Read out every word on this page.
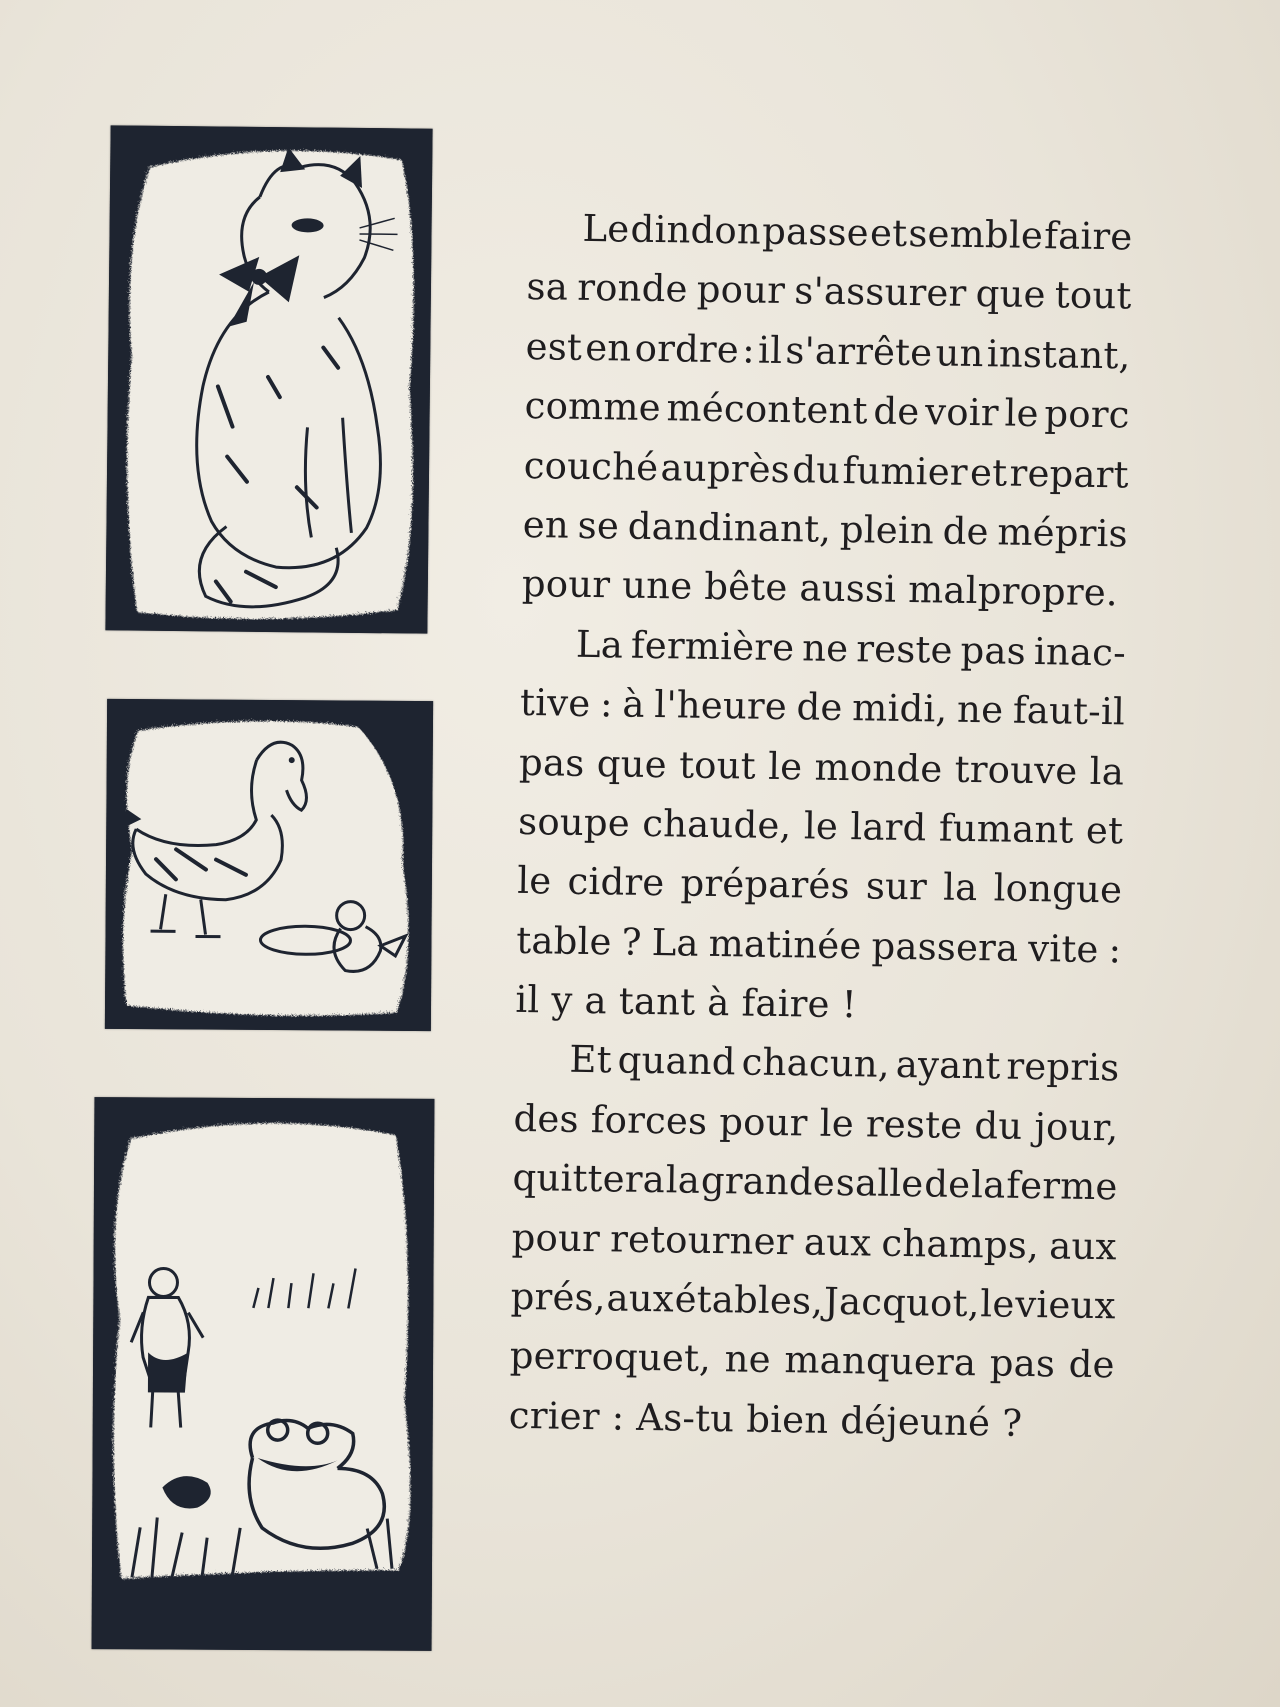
Le dindon passe et semble faire
sa ronde pour s'assurer que tout
est en ordre : il s'arrête un instant,
comme mécontent de voir le porc
couché auprès du fumier et repart
en se dandinant, plein de mépris
pour une bête aussi malpropre.
La fermière ne reste pas inac-
tive : à l'heure de midi, ne faut-il
pas que tout le monde trouve la
soupe chaude, le lard fumant et
le cidre préparés sur la longue
table ? La matinée passera vite :
il y a tant à faire !
Et quand chacun, ayant repris
des forces pour le reste du jour,
quittera la grande salle de la ferme
pour retourner aux champs, aux
prés, aux étables, Jacquot, le vieux
perroquet, ne manquera pas de
crier : As-tu bien déjeuné ?
